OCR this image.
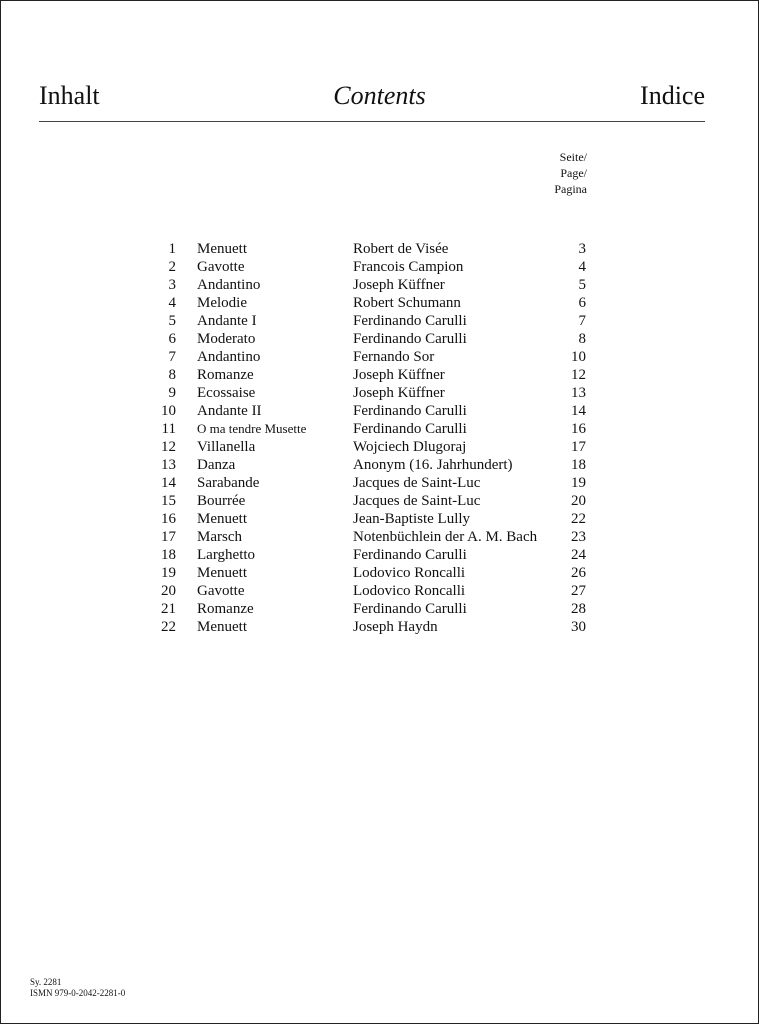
Inhalt	Contents	Indice
Seite/
Page/
Pagina
1 Menuett	Robert de Visée	3
2 Gavotte	Francois Campion	4
3 Andantino	Joseph Küffner	5
4 Melodie	Robert Schumann	6
5 Andante I	Ferdinando Carulli	7
6 Moderato	Ferdinando Carulli	8
7 Andantino	Fernando Sor	10
8 Romanze	Joseph Küffner	12
9 Ecossaise	Joseph Küffner	13
10 Andante II	Ferdinando Carulli	14
11 O ma tendre Musette	Ferdinando Carulli	16
12 Villanella	Wojciech Dlugoraj	17
13 Danza	Anonym (16. Jahrhundert)	18
14 Sarabande	Jacques de Saint-Luc	19
15 Bourrée	Jacques de Saint-Luc	20
16 Menuett	Jean-Baptiste Lully	22
17 Marsch	Notenbüchlein der A. M. Bach	23
18 Larghetto	Ferdinando Carulli	24
19 Menuett	Lodovico Roncalli	26
20 Gavotte	Lodovico Roncalli	27
21 Romanze	Ferdinando Carulli	28
22 Menuett	Joseph Haydn	30
Sy. 2281
ISMN 979-0-2042-2281-0
